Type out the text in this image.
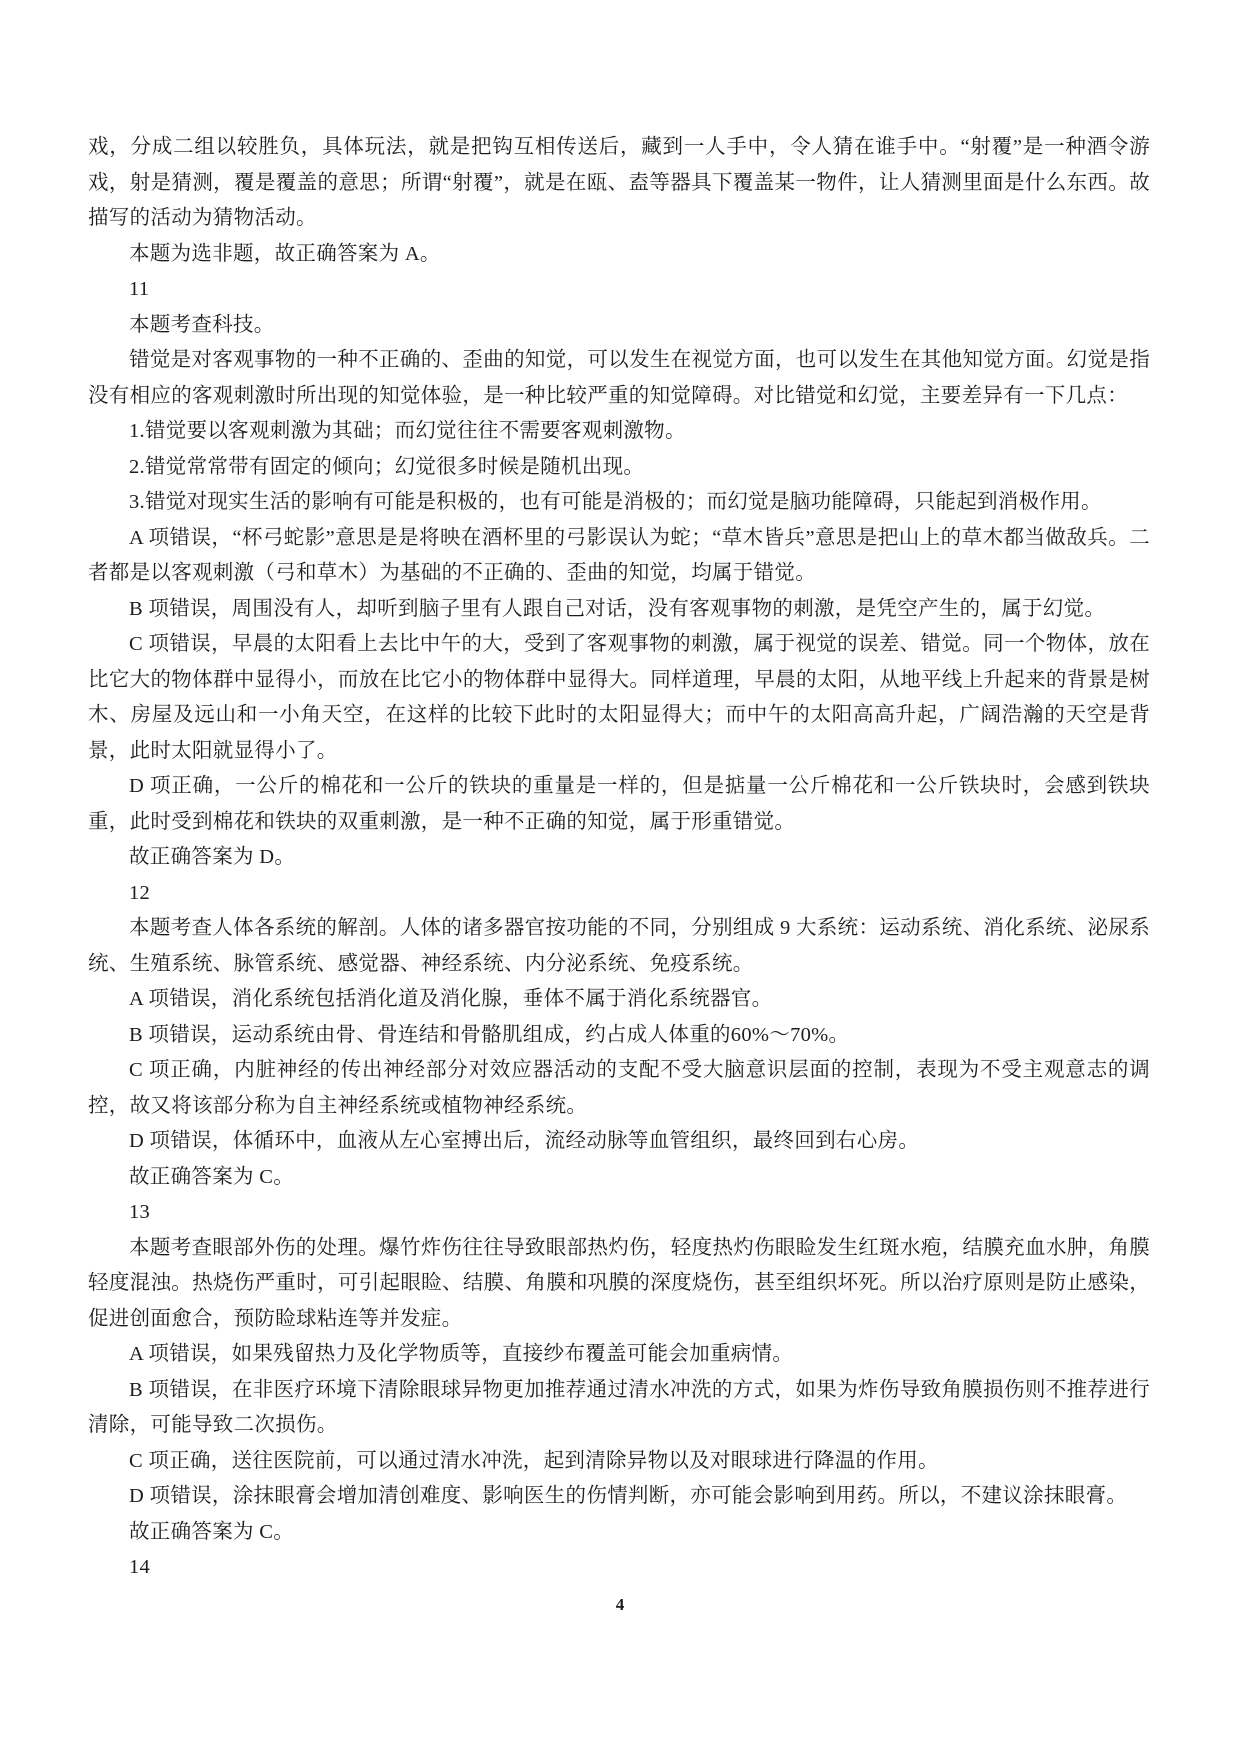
戏，分成二组以较胜负，具体玩法，就是把钩互相传送后，藏到一人手中，令人猜在谁手中。“射覆”是一种酒令游戏，射是猜测，覆是覆盖的意思；所谓“射覆”，就是在瓯、盍等器具下覆盖某一物件，让人猜测里面是什么东西。故描写的活动为猜物活动。

本题为选非题，故正确答案为 A。

11

本题考查科技。

错觉是对客观事物的一种不正确的、歪曲的知觉，可以发生在视觉方面，也可以发生在其他知觉方面。幻觉是指没有相应的客观刺激时所出现的知觉体验，是一种比较严重的知觉障碍。对比错觉和幻觉，主要差异有一下几点：

1.错觉要以客观刺激为其础；而幻觉往往不需要客观刺激物。

2.错觉常常带有固定的倾向；幻觉很多时候是随机出现。

3.错觉对现实生活的影响有可能是积极的，也有可能是消极的；而幻觉是脑功能障碍，只能起到消极作用。

A 项错误，“杯弓蛇影”意思是是将映在酒杯里的弓影误认为蛇；“草木皆兵”意思是把山上的草木都当做敌兵。二者都是以客观刺激（弓和草木）为基础的不正确的、歪曲的知觉，均属于错觉。

B 项错误，周围没有人，却听到脑子里有人跟自己对话，没有客观事物的刺激，是凭空产生的，属于幻觉。

C 项错误，早晨的太阳看上去比中午的大，受到了客观事物的刺激，属于视觉的误差、错觉。同一个物体，放在比它大的物体群中显得小，而放在比它小的物体群中显得大。同样道理，早晨的太阳，从地平线上升起来的背景是树木、房屋及远山和一小角天空，在这样的比较下此时的太阳显得大；而中午的太阳高高升起，广阔浩瀚的天空是背景，此时太阳就显得小了。

D 项正确，一公斤的棉花和一公斤的铁块的重量是一样的，但是掂量一公斤棉花和一公斤铁块时，会感到铁块重，此时受到棉花和铁块的双重刺激，是一种不正确的知觉，属于形重错觉。

故正确答案为 D。

12

本题考查人体各系统的解剖。人体的诸多器官按功能的不同，分别组成 9 大系统：运动系统、消化系统、泌尿系统、生殖系统、脉管系统、感觉器、神经系统、内分泌系统、免疫系统。

A 项错误，消化系统包括消化道及消化腺，垂体不属于消化系统器官。

B 项错误，运动系统由骨、骨连结和骨骼肌组成，约占成人体重的60%～70%。

C 项正确，内脏神经的传出神经部分对效应器活动的支配不受大脑意识层面的控制，表现为不受主观意志的调控，故又将该部分称为自主神经系统或植物神经系统。

D 项错误，体循环中，血液从左心室搏出后，流经动脉等血管组织，最终回到右心房。

故正确答案为 C。

13

本题考查眼部外伤的处理。爆竹炸伤往往导致眼部热灼伤，轻度热灼伤眼睑发生红斑水疱，结膜充血水肿，角膜轻度混浊。热烧伤严重时，可引起眼睑、结膜、角膜和巩膜的深度烧伤，甚至组织坏死。所以治疗原则是防止感染，促进创面愈合，预防睑球粘连等并发症。

A 项错误，如果残留热力及化学物质等，直接纱布覆盖可能会加重病情。

B 项错误，在非医疗环境下清除眼球异物更加推荐通过清水冲洗的方式，如果为炸伤导致角膜损伤则不推荐进行清除，可能导致二次损伤。

C 项正确，送往医院前，可以通过清水冲洗，起到清除异物以及对眼球进行降温的作用。

D 项错误，涂抹眼膏会增加清创难度、影响医生的伤情判断，亦可能会影响到用药。所以，不建议涂抹眼膏。

故正确答案为 C。

14

4
